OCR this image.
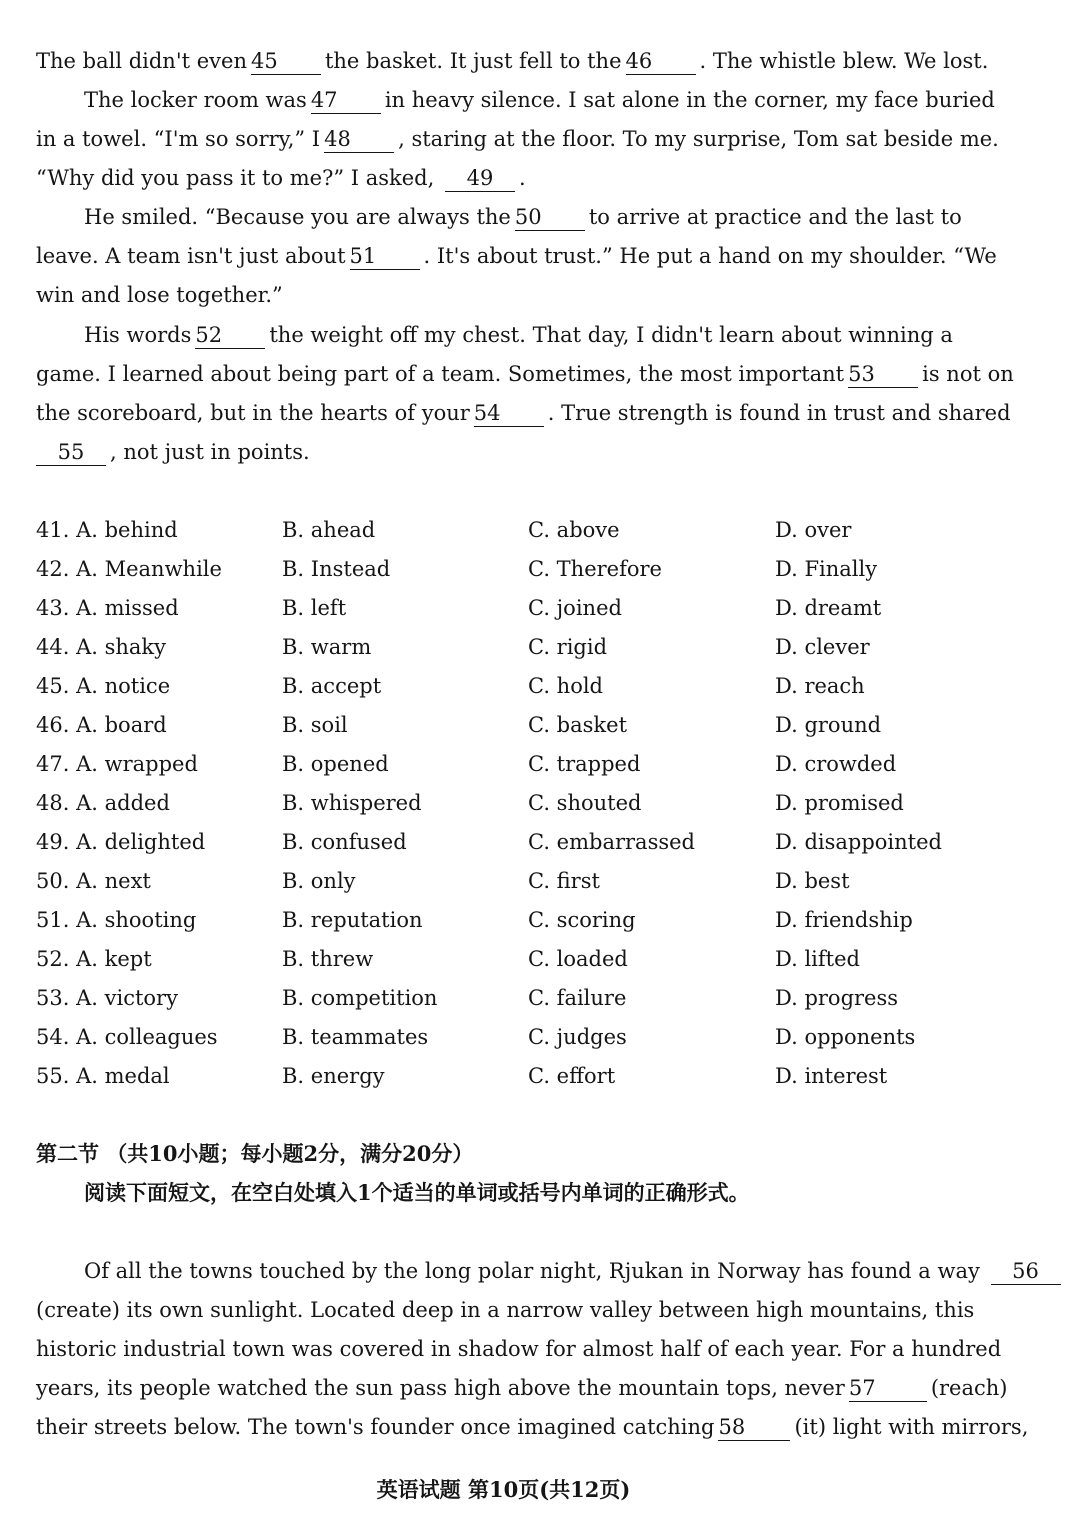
The ball didn't even 45 the basket. It just fell to the 46 . The whistle blew. We lost.
The locker room was 47 in heavy silence. I sat alone in the corner, my face buried
in a towel. “I'm so sorry,” I 48 , staring at the floor. To my surprise, Tom sat beside me.
“Why did you pass it to me?” I asked, 49 .
He smiled. “Because you are always the 50 to arrive at practice and the last to
leave. A team isn't just about 51 . It's about trust.” He put a hand on my shoulder. “We
win and lose together.”
His words 52 the weight off my chest. That day, I didn't learn about winning a
game. I learned about being part of a team. Sometimes, the most important 53 is not on
the scoreboard, but in the hearts of your 54 . True strength is found in trust and shared
55 , not just in points.
41. A. behind	B. ahead	C. above	D. over
42. A. Meanwhile	B. Instead	C. Therefore	D. Finally
43. A. missed	B. left	C. joined	D. dreamt
44. A. shaky	B. warm	C. rigid	D. clever
45. A. notice	B. accept	C. hold	D. reach
46. A. board	B. soil	C. basket	D. ground
47. A. wrapped	B. opened	C. trapped	D. crowded
48. A. added	B. whispered	C. shouted	D. promised
49. A. delighted	B. confused	C. embarrassed	D. disappointed
50. A. next	B. only	C. first	D. best
51. A. shooting	B. reputation	C. scoring	D. friendship
52. A. kept	B. threw	C. loaded	D. lifted
53. A. victory	B. competition	C. failure	D. progress
54. A. colleagues	B. teammates	C. judges	D. opponents
55. A. medal	B. energy	C. effort	D. interest
第二节 （共10小题；每小题2分，满分20分）
阅读下面短文，在空白处填入1个适当的单词或括号内单词的正确形式。
Of all the towns touched by the long polar night, Rjukan in Norway has found a way 56
(create) its own sunlight. Located deep in a narrow valley between high mountains, this
historic industrial town was covered in shadow for almost half of each year. For a hundred
years, its people watched the sun pass high above the mountain tops, never 57	(reach)
their streets below. The town's founder once imagined catching 58 (it) light with mirrors,
英语试题 第10页(共12页)
